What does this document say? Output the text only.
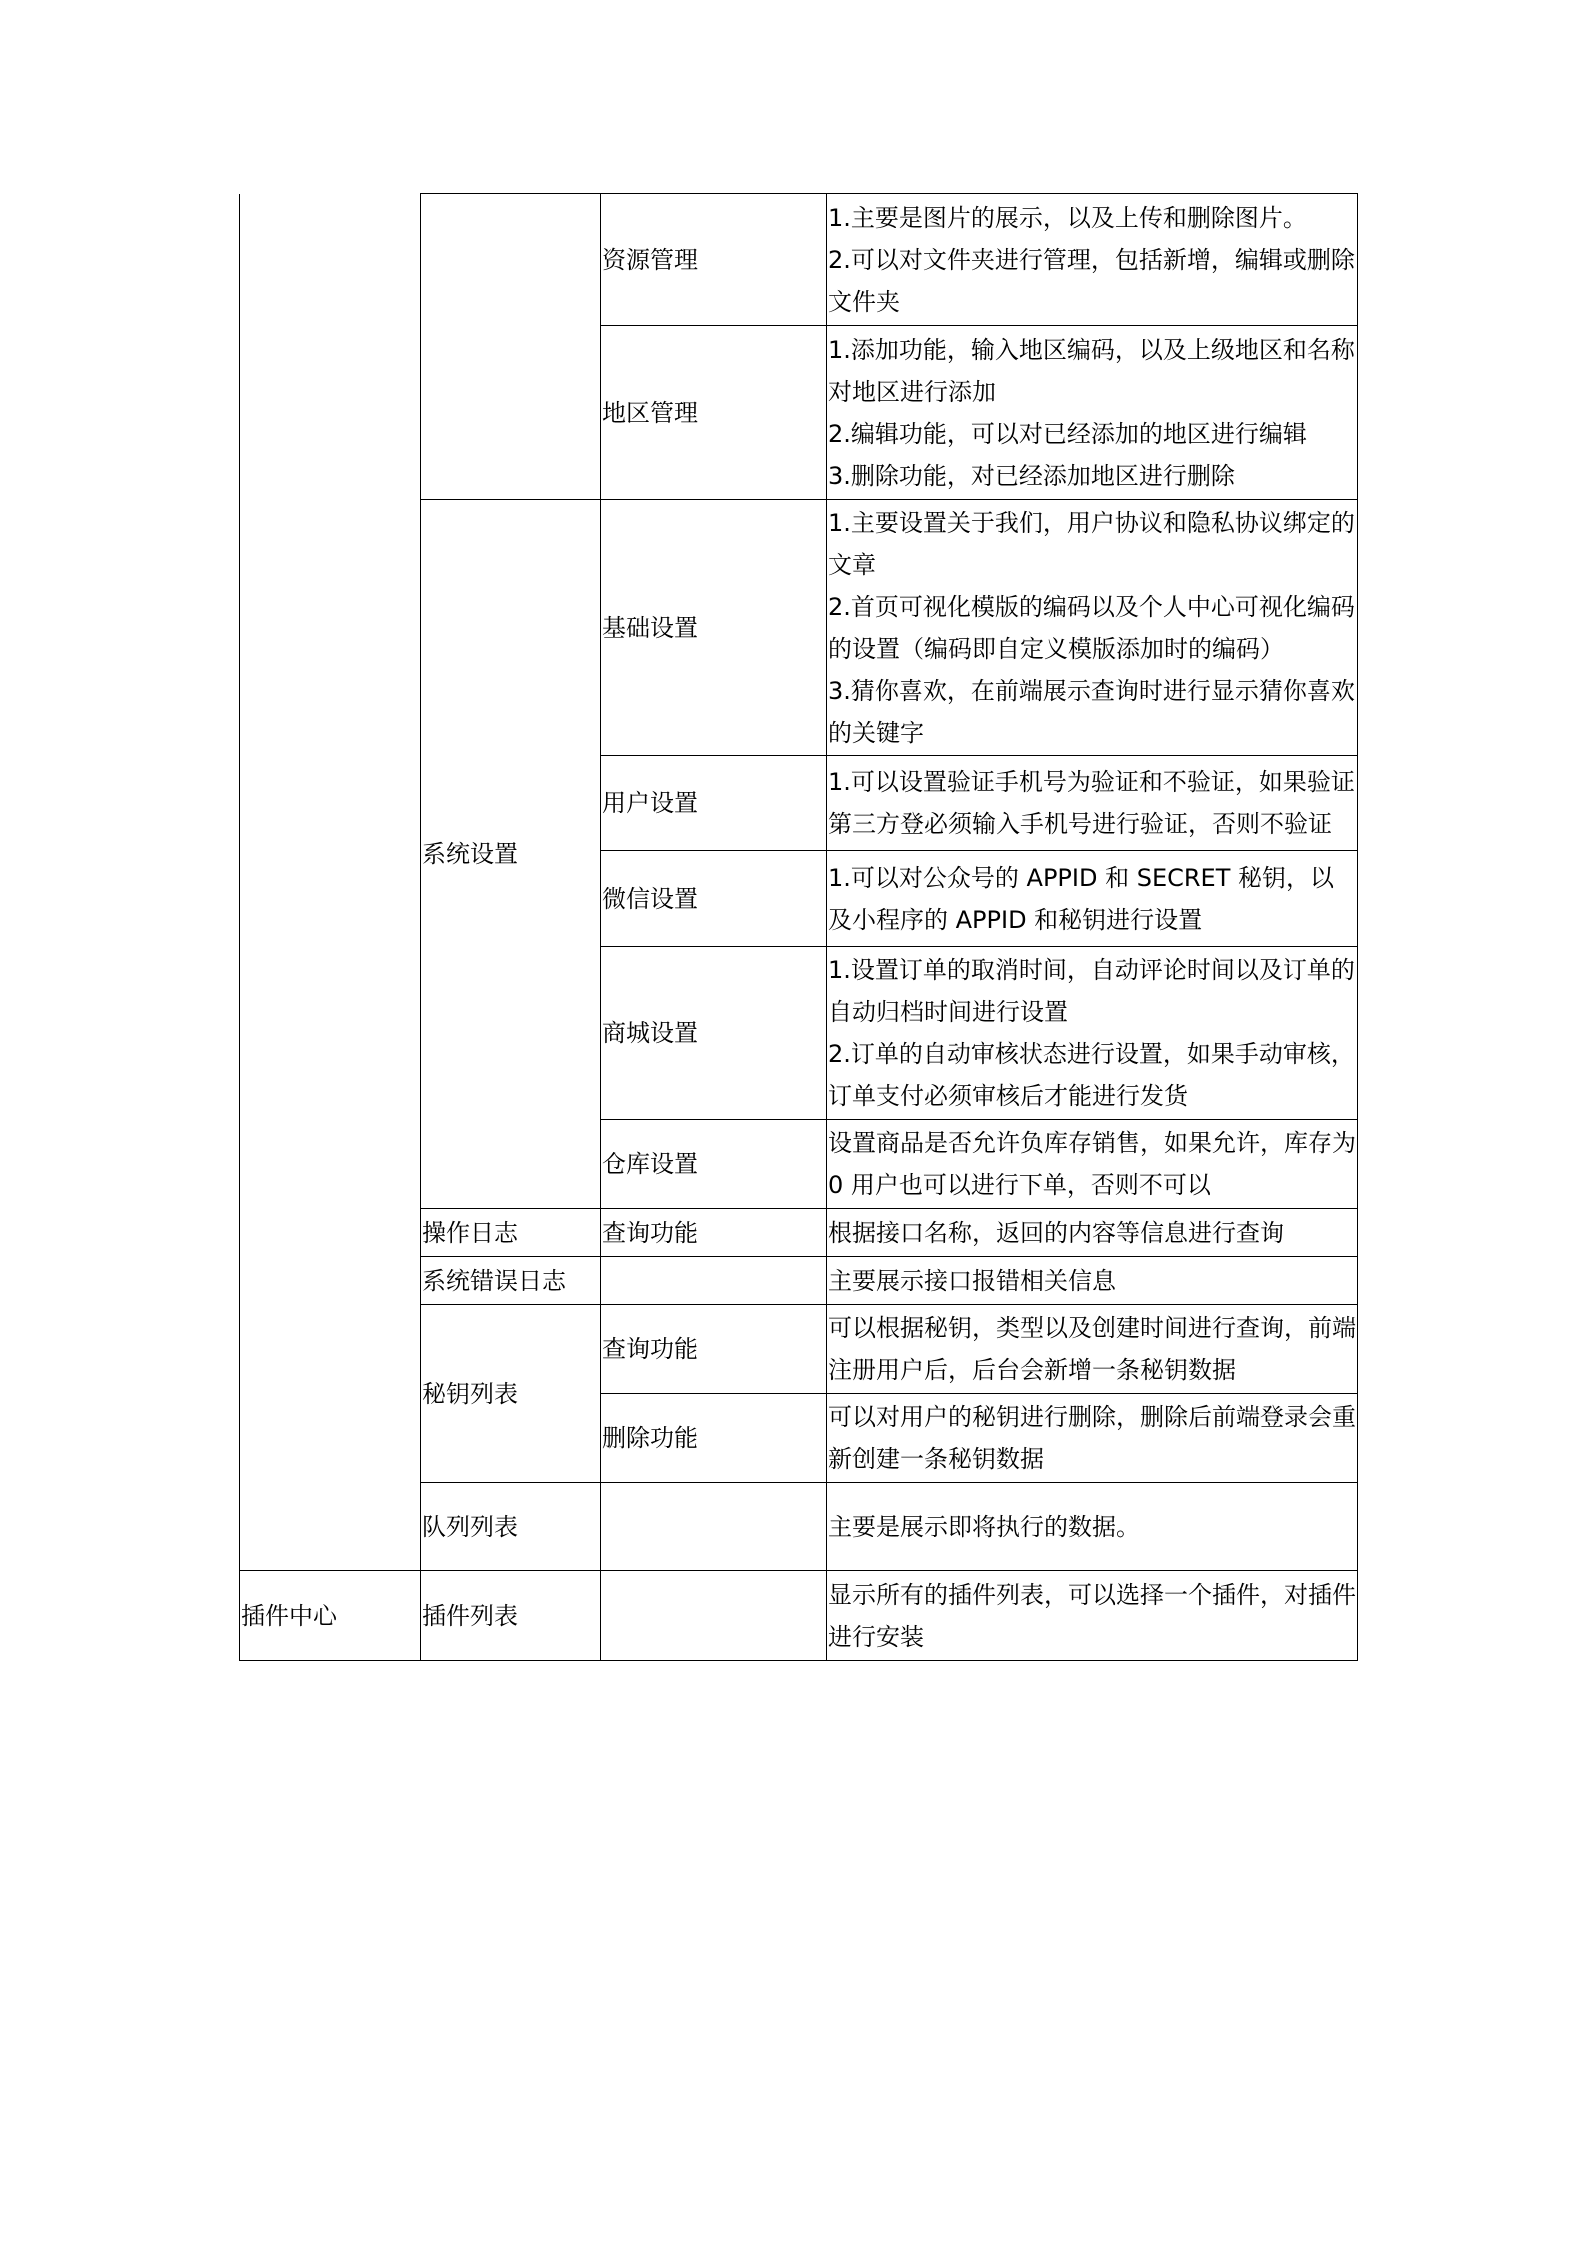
		资源管理	1.主要是图片的展示，以及上传和删除图片。
2.可以对文件夹进行管理，包括新增，编辑或删除文件夹

		地区管理	1.添加功能，输入地区编码，以及上级地区和名称对地区进行添加
2.编辑功能，可以对已经添加的地区进行编辑
3.删除功能，对已经添加地区进行删除

	系统设置	基础设置	1.主要设置关于我们，用户协议和隐私协议绑定的文章
2.首页可视化模版的编码以及个人中心可视化编码的设置（编码即自定义模版添加时的编码）
3.猜你喜欢，在前端展示查询时进行显示猜你喜欢的关键字

		用户设置	1.可以设置验证手机号为验证和不验证，如果验证第三方登必须输入手机号进行验证，否则不验证

		微信设置	1.可以对公众号的 APPID 和 SECRET 秘钥，以及小程序的 APPID 和秘钥进行设置

		商城设置	1.设置订单的取消时间，自动评论时间以及订单的自动归档时间进行设置
2.订单的自动审核状态进行设置，如果手动审核，订单支付必须审核后才能进行发货

		仓库设置	设置商品是否允许负库存销售，如果允许，库存为 0 用户也可以进行下单，否则不可以

	操作日志	查询功能	根据接口名称，返回的内容等信息进行查询

	系统错误日志		主要展示接口报错相关信息

	秘钥列表	查询功能	可以根据秘钥，类型以及创建时间进行查询，前端注册用户后，后台会新增一条秘钥数据

		删除功能	可以对用户的秘钥进行删除，删除后前端登录会重新创建一条秘钥数据

	队列列表		主要是展示即将执行的数据。

插件中心	插件列表		显示所有的插件列表，可以选择一个插件，对插件进行安装
